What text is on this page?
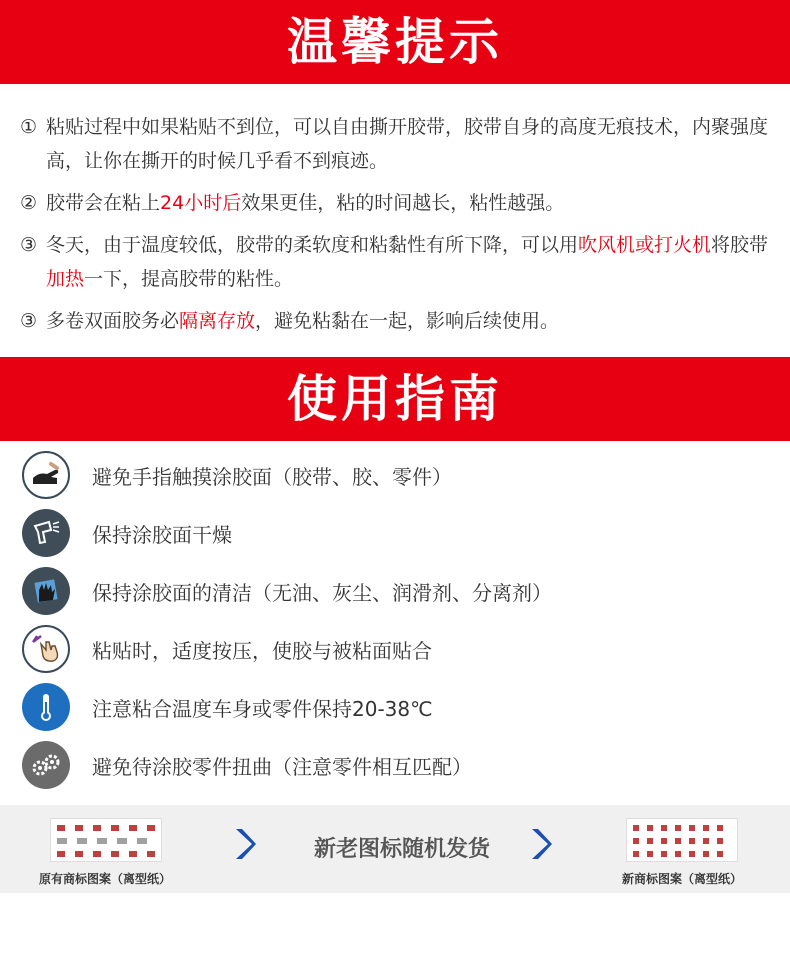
温馨提示
① 粘贴过程中如果粘贴不到位，可以自由撕开胶带，胶带自身的高度无痕技术，内聚强度高，让你在撕开的时候几乎看不到痕迹。
② 胶带会在粘上24小时后效果更佳，粘的时间越长，粘性越强。
③ 冬天，由于温度较低，胶带的柔软度和粘黏性有所下降，可以用吹风机或打火机将胶带加热一下，提高胶带的粘性。
③ 多卷双面胶务必隔离存放，避免粘黏在一起，影响后续使用。
使用指南
避免手指触摸涂胶面（胶带、胶、零件）
保持涂胶面干燥
保持涂胶面的清洁（无油、灰尘、润滑剂、分离剂）
粘贴时，适度按压，使胶与被粘面贴合
注意粘合温度车身或零件保持20-38℃
避免待涂胶零件扭曲（注意零件相互匹配）
原有商标图案（离型纸）
新老图标随机发货
新商标图案（离型纸）
